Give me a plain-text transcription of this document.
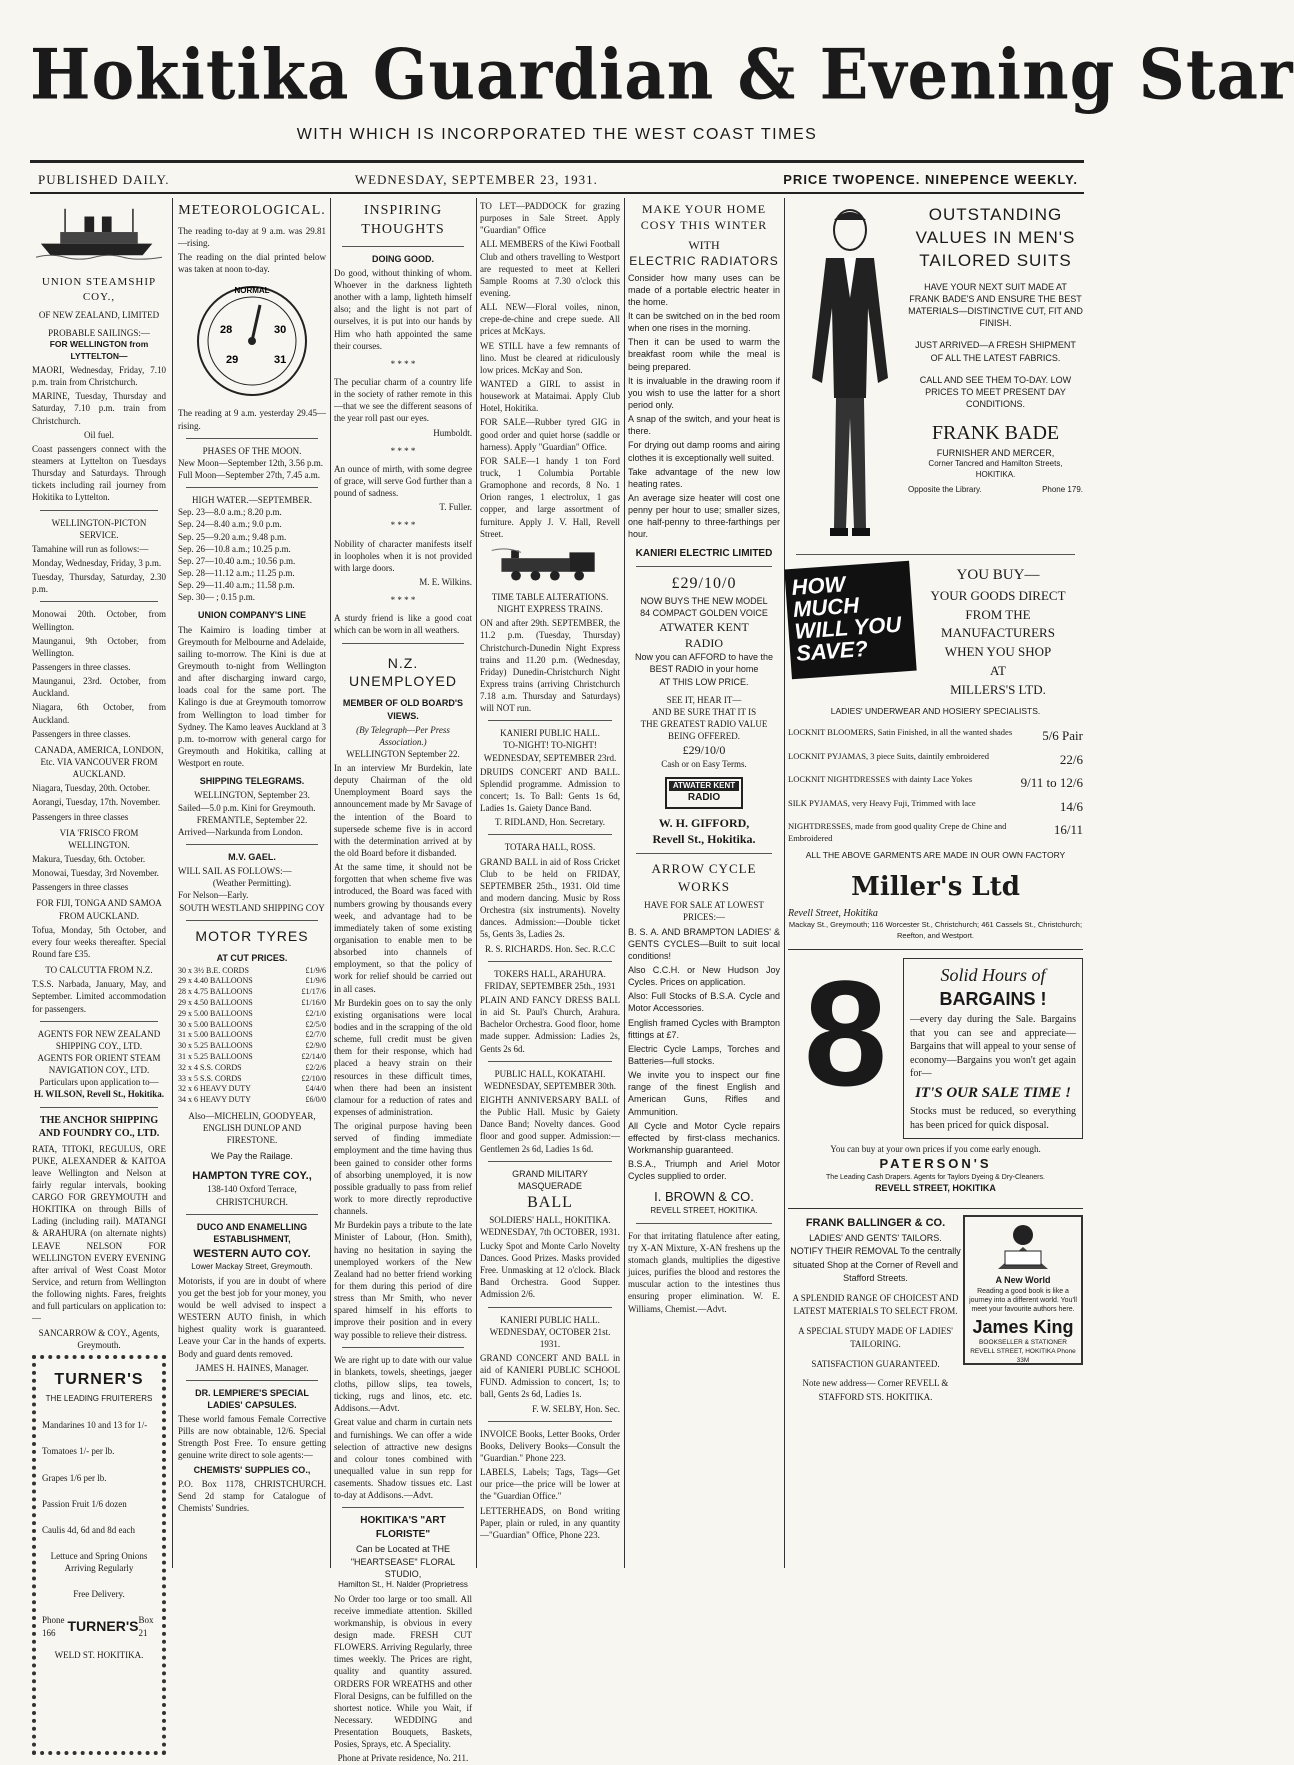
Hokitika Guardian & Evening Star
WITH WHICH IS INCORPORATED THE WEST COAST TIMES
PUBLISHED DAILY.	WEDNESDAY, SEPTEMBER 23, 1931.	PRICE TWOPENCE. NINEPENCE WEEKLY.
UNION STEAMSHIP COY.,
OF NEW ZEALAND, LIMITED
PROBABLE SAILINGS:—
FOR WELLINGTON from LYTTELTON—

MAORI, Wednesday, Friday, 7.10 p.m. train from Christchurch.

MARINE, Tuesday, Thursday and Saturday, 7.10 p.m. train from Christchurch.

Oil fuel.

Coast passengers connect with the steamers at Lyttelton on Tuesdays Thursday and Saturdays. Through tickets including rail journey from Hokitika to Lyttelton.

WELLINGTON-PICTON SERVICE.

Tamahine will run as follows:—

Monday, Wednesday, Friday, 3 p.m.

Tuesday, Thursday, Saturday, 2.30 p.m.

Monowai 20th. October, from Wellington.

Maunganui, 9th October, from Wellington.

Passengers in three classes.

Maunganui, 23rd. October, from Auckland.

Niagara, 6th October, from Auckland.

Passengers in three classes.

CANADA, AMERICA, LONDON, Etc. VIA VANCOUVER FROM AUCKLAND.

Niagara, Tuesday, 20th. October.

Aorangi, Tuesday, 17th. November.

Passengers in three classes

VIA 'FRISCO FROM WELLINGTON.

Makura, Tuesday, 6th. October.

Monowai, Tuesday, 3rd November.

Passengers in three classes

FOR FIJI, TONGA AND SAMOA FROM AUCKLAND.

Tofua, Monday, 5th October, and every four weeks thereafter. Special Round fare £35.

TO CALCUTTA FROM N.Z.

T.S.S. Narbada, January, May, and September. Limited accommodation for passengers.

AGENTS FOR NEW ZEALAND SHIPPING COY., LTD.
AGENTS FOR ORIENT STEAM NAVIGATION COY., LTD.
Particulars upon application to—
H. WILSON, Revell St., Hokitika.
THE ANCHOR SHIPPING AND FOUNDRY CO., LTD.

RATA, TITOKI, REGULUS, ORE PUKE, ALEXANDER & KAITOA leave Wellington and Nelson at fairly regular intervals, booking CARGO FOR GREYMOUTH and HOKITIKA on through Bills of Lading (including rail). MATANGI & ARAHURA (on alternate nights) LEAVE NELSON FOR WELLINGTON EVERY EVENING after arrival of West Coast Motor Service, and return from Wellington the following nights. Fares, freights and full particulars on application to:—

SANCARROW & COY., Agents, Greymouth.
TURNER'S
THE LEADING FRUITERERS

Mandarines 10 and 13 for 1/-

Tomatoes 1/- per lb.

Grapes 1/6 per lb.

Passion Fruit 1/6 dozen

Caulis 4d, 6d and 8d each

Lettuce and Spring Onions Arriving Regularly

Free Delivery.

Phone 166 TURNER'S Box 21
WELD ST. HOKITIKA.
METEOROLOGICAL.

The reading to-day at 9 a.m. was 29.81—rising.

The reading on the dial printed below was taken at noon to-day.

NORMAL
28
29
30
31

The reading at 9 a.m. yesterday 29.45—rising.

PHASES OF THE MOON.
New Moon—September 12th, 3.56 p.m.
Full Moon—September 27th, 7.45 a.m.
HIGH WATER.—SEPTEMBER.
Sep. 23—8.0 a.m.; 8.20 p.m.
Sep. 24—8.40 a.m.; 9.0 p.m.
Sep. 25—9.20 a.m.; 9.48 p.m.
Sep. 26—10.8 a.m.; 10.25 p.m.
Sep. 27—10.40 a.m.; 10.56 p.m.
Sep. 28—11.12 a.m.; 11.25 p.m.
Sep. 29—11.40 a.m.; 11.58 p.m.
Sep. 30— ; 0.15 p.m.
UNION COMPANY'S LINE

The Kaimiro is loading timber at Greymouth for Melbourne and Adelaide, sailing to-morrow. The Kini is due at Greymouth to-night from Wellington and after discharging inward cargo, loads coal for the same port. The Kalingo is due at Greymouth tomorrow from Wellington to load timber for Sydney. The Kamo leaves Auckland at 3 p.m. to-morrow with general cargo for Greymouth and Hokitika, calling at Westport en route.

SHIPPING TELEGRAMS.
WELLINGTON, September 23.
Sailed—5.0 p.m. Kini for Greymouth.
FREMANTLE, September 22.
Arrived—Narkunda from London.
M.V. GAEL.
WILL SAIL AS FOLLOWS:—
(Weather Permitting).
For Nelson—Early.
SOUTH WESTLAND SHIPPING COY
MOTOR TYRES
AT CUT PRICES.
30 x 3½ B.E. CORDS	£1/9/6
29 x 4.40 BALLOONS	£1/9/6
28 x 4.75 BALLOONS	£1/17/6
29 x 4.50 BALLOONS	£1/16/0
29 x 5.00 BALLOONS	£2/1/0
30 x 5.00 BALLOONS	£2/5/0
31 x 5.00 BALLOONS	£2/7/0
30 x 5.25 BALLOONS	£2/9/0
31 x 5.25 BALLOONS	£2/14/0
32 x 4 S.S. CORDS	£2/2/6
33 x 5 S.S. CORDS	£2/10/0
32 x 6 HEAVY DUTY	£4/4/0
34 x 6 HEAVY DUTY	£6/0/0
Also—MICHELIN, GOODYEAR, ENGLISH DUNLOP AND FIRESTONE.
We Pay the Railage.
HAMPTON TYRE COY.,
138-140 Oxford Terrace, CHRISTCHURCH.
DUCO AND ENAMELLING ESTABLISHMENT,
WESTERN AUTO COY.
Lower Mackay Street, Greymouth.

Motorists, if you are in doubt of where you get the best job for your money, you would be well advised to inspect a WESTERN AUTO finish, in which highest quality work is guaranteed. Leave your Car in the hands of experts. Body and guard dents removed.

JAMES H. HAINES, Manager.
DR. LEMPIERE'S SPECIAL LADIES' CAPSULES.

These world famous Female Corrective Pills are now obtainable, 12/6. Special Strength Post Free. To ensure getting genuine write direct to sole agents:—

CHEMISTS' SUPPLIES CO.,

P.O. Box 1178, CHRISTCHURCH. Send 2d stamp for Catalogue of Chemists' Sundries.

INSPIRING THOUGHTS
DOING GOOD.

Do good, without thinking of whom. Whoever in the darkness lighteth another with a lamp, lighteth himself also; and the light is not part of ourselves, it is put into our hands by Him who hath appointed the same their courses.

* * * *

The peculiar charm of a country life in the society of rather remote in this—that we see the different seasons of the year roll past our eyes.

Humboldt.
* * * *

An ounce of mirth, with some degree of grace, will serve God further than a pound of sadness.

T. Fuller.
* * * *

Nobility of character manifests itself in loopholes when it is not provided with large doors.

M. E. Wilkins.
* * * *

A sturdy friend is like a good coat which can be worn in all weathers.

N.Z. UNEMPLOYED
MEMBER OF OLD BOARD'S VIEWS.
(By Telegraph—Per Press Association.)
WELLINGTON September 22.

In an interview Mr Burdekin, late deputy Chairman of the old Unemployment Board says the announcement made by Mr Savage of the intention of the Board to supersede scheme five is in accord with the determination arrived at by the old Board before it disbanded.

At the same time, it should not be forgotten that when scheme five was introduced, the Board was faced with numbers growing by thousands every week, and advantage had to be immediately taken of some existing organisation to enable men to be absorbed into channels of employment, so that the policy of work for relief should be carried out in all cases.

Mr Burdekin goes on to say the only existing organisations were local bodies and in the scrapping of the old scheme, full credit must be given them for their response, which had placed a heavy strain on their resources in these difficult times, when there had been an insistent clamour for a reduction of rates and expenses of administration.

The original purpose having been served of finding immediate employment and the time having thus been gained to consider other forms of absorbing unemployed, it is now possible gradually to pass from relief work to more directly reproductive channels.

Mr Burdekin pays a tribute to the late Minister of Labour, (Hon. Smith), having no hesitation in saying the unemployed workers of the New Zealand had no better friend working for them during this period of dire stress than Mr Smith, who never spared himself in his efforts to improve their position and in every way possible to relieve their distress.

We are right up to date with our value in blankets, towels, sheetings, jaeger cloths, pillow slips, tea towels, ticking, rugs and linos, etc. etc. Addisons.—Advt.

Great value and charm in curtain nets and furnishings. We can offer a wide selection of attractive new designs and colour tones combined with unequalled value in sun repp for casements. Shadow tissues etc. Last to-day at Addisons.—Advt.

HOKITIKA'S "ART FLORISTE"
Can be Located at THE "HEARTSEASE" FLORAL STUDIO,
Hamilton St., H. Nalder (Proprietress

No Order too large or too small. All receive immediate attention. Skilled workmanship, is obvious in every design made. FRESH CUT FLOWERS. Arriving Regularly, three times weekly. The Prices are right, quality and quantity assured. ORDERS FOR WREATHS and other Floral Designs, can be fulfilled on the shortest notice. While you Wait, if Necessary. WEDDING and Presentation Bouquets, Baskets, Posies, Sprays, etc. A Speciality.

Phone at Private residence, No. 211.

TO LET—PADDOCK for grazing purposes in Sale Street. Apply "Guardian" Office

ALL MEMBERS of the Kiwi Football Club and others travelling to Westport are requested to meet at Kelleri Sample Rooms at 7.30 o'clock this evening.

ALL NEW—Floral voiles, ninon, crepe-de-chine and crepe suede. All prices at McKays.

WE STILL have a few remnants of lino. Must be cleared at ridiculously low prices. McKay and Son.

WANTED a GIRL to assist in housework at Mataimai. Apply Club Hotel, Hokitika.

FOR SALE—Rubber tyred GIG in good order and quiet horse (saddle or harness). Apply "Guardian" Office.

FOR SALE—1 handy 1 ton Ford truck, 1 Columbia Portable Gramophone and records, 8 No. 1 Orion ranges, 1 electrolux, 1 gas copper, and large assortment of furniture. Apply J. V. Hall, Revell Street.

TIME TABLE ALTERATIONS.
NIGHT EXPRESS TRAINS.

ON and after 29th. SEPTEMBER, the 11.2 p.m. (Tuesday, Thursday) Christchurch-Dunedin Night Express trains and 11.20 p.m. (Wednesday, Friday) Dunedin-Christchurch Night Express trains (arriving Christchurch 7.18 a.m. Thursday and Saturdays) will NOT run.

KANIERI PUBLIC HALL.
TO-NIGHT! TO-NIGHT!
WEDNESDAY, SEPTEMBER 23rd.

DRUIDS CONCERT AND BALL. Splendid programme. Admission to concert; 1s. To Ball: Gents 1s 6d, Ladies 1s. Gaiety Dance Band.

T. RIDLAND, Hon. Secretary.
TOTARA HALL, ROSS.

GRAND BALL in aid of Ross Cricket Club to be held on FRIDAY, SEPTEMBER 25th., 1931. Old time and modern dancing. Music by Ross Orchestra (six instruments). Novelty dances. Admission:—Double ticket 5s, Gents 3s, Ladies 2s.

R. S. RICHARDS. Hon. Sec. R.C.C
TOKERS HALL, ARAHURA.
FRIDAY, SEPTEMBER 25th., 1931

PLAIN AND FANCY DRESS BALL in aid St. Paul's Church, Arahura. Bachelor Orchestra. Good floor, home made supper. Admission: Ladies 2s, Gents 2s 6d.

PUBLIC HALL, KOKATAHI.
WEDNESDAY, SEPTEMBER 30th.

EIGHTH ANNIVERSARY BALL of the Public Hall. Music by Gaiety Dance Band; Novelty dances. Good floor and good supper. Admission:—Gentlemen 2s 6d, Ladies 1s 6d.

GRAND MILITARY MASQUERADE
BALL
SOLDIERS' HALL, HOKITIKA.
WEDNESDAY, 7th OCTOBER, 1931.

Lucky Spot and Monte Carlo Novelty Dances. Good Prizes. Masks provided Free. Unmasking at 12 o'clock. Black Band Orchestra. Good Supper. Admission 2/6.

KANIERI PUBLIC HALL.
WEDNESDAY, OCTOBER 21st. 1931.

GRAND CONCERT AND BALL in aid of KANIERI PUBLIC SCHOOL FUND. Admission to concert, 1s; to ball, Gents 2s 6d, Ladies 1s.

F. W. SELBY, Hon. Sec.

INVOICE Books, Letter Books, Order Books, Delivery Books—Consult the "Guardian." Phone 223.

LABELS, Labels; Tags, Tags—Get our price—the price will be lower at the "Guardian Office."

LETTERHEADS, on Bond writing Paper, plain or ruled, in any quantity—"Guardian" Office, Phone 223.

MAKE YOUR HOME COSY THIS WINTER
WITH
ELECTRIC RADIATORS

Consider how many uses can be made of a portable electric heater in the home.

It can be switched on in the bed room when one rises in the morning.

Then it can be used to warm the breakfast room while the meal is being prepared.

It is invaluable in the drawing room if you wish to use the latter for a short period only.

A snap of the switch, and your heat is there.

For drying out damp rooms and airing clothes it is exceptionally well suited.

Take advantage of the new low heating rates.

An average size heater will cost one penny per hour to use; smaller sizes, one half-penny to three-farthings per hour.

KANIERI ELECTRIC LIMITED
£29/10/0
NOW BUYS THE NEW MODEL
84 COMPACT GOLDEN VOICE
ATWATER KENT
RADIO
Now you can AFFORD to have the BEST RADIO in your home
AT THIS LOW PRICE.
SEE IT, HEAR IT—
AND BE SURE THAT IT IS
THE GREATEST RADIO VALUE
BEING OFFERED.
£29/10/0
Cash or on Easy Terms.
ATWATER KENT
RADIO
W. H. GIFFORD,
Revell St., Hokitika.
ARROW CYCLE WORKS
HAVE FOR SALE AT LOWEST PRICES:—

B. S. A. AND BRAMPTON LADIES' & GENTS CYCLES—Built to suit local conditions!

Also C.C.H. or New Hudson Joy Cycles. Prices on application.

Also: Full Stocks of B.S.A. Cycle and Motor Accessories.

English framed Cycles with Brampton fittings at £7.

Electric Cycle Lamps, Torches and Batteries—full stocks.

We invite you to inspect our fine range of the finest English and American Guns, Rifles and Ammunition.

All Cycle and Motor Cycle repairs effected by first-class mechanics. Workmanship guaranteed.

B.S.A., Triumph and Ariel Motor Cycles supplied to order.

I. BROWN & CO.
REVELL STREET, HOKITIKA.

For that irritating flatulence after eating, try X-AN Mixture, X-AN freshens up the stomach glands, multiplies the digestive juices, purifies the blood and restores the muscular action to the intestines thus ensuring proper elimination. W. E. Williams, Chemist.—Advt.

OUTSTANDING VALUES IN MEN'S TAILORED SUITS

HAVE YOUR NEXT SUIT MADE AT FRANK BADE'S AND ENSURE THE BEST MATERIALS—DISTINCTIVE CUT, FIT AND FINISH.

JUST ARRIVED—A FRESH SHIPMENT OF ALL THE LATEST FABRICS.

CALL AND SEE THEM TO-DAY. LOW PRICES TO MEET PRESENT DAY CONDITIONS.

FRANK BADE
FURNISHER AND MERCER,
Corner Tancred and Hamilton Streets, HOKITIKA.
Opposite the Library.	Phone 179.
HOW MUCH WILL YOU SAVE?
YOU BUY—
YOUR GOODS DIRECT
FROM THE
MANUFACTURERS
WHEN YOU SHOP
AT
MILLERS'S LTD.
LADIES' UNDERWEAR AND HOSIERY SPECIALISTS.
LOCKNIT BLOOMERS, Satin Finished, in all the wanted shades 5/6 Pair
LOCKNIT PYJAMAS, 3 piece Suits, daintily embroidered	22/6
LOCKNIT NIGHTDRESSES with dainty Lace Yokes	9/11 to 12/6
SILK PYJAMAS, very Heavy Fuji, Trimmed with lace	14/6
NIGHTDRESSES, made from good quality Crepe de Chine and Embroidered
16/11
ALL THE ABOVE GARMENTS ARE MADE IN OUR OWN FACTORY
Miller's Ltd
Revell Street, Hokitika
Mackay St., Greymouth; 116 Worcester St., Christchurch; 461 Cassels St., Christchurch; Reefton, and Westport.
8	Solid Hours of
BARGAINS !

—every day during the Sale. Bargains that you can see and appreciate—Bargains that will appeal to your sense of economy—Bargains you won't get again for—

IT'S OUR SALE TIME !

Stocks must be reduced, so everything has been priced for quick disposal.

You can buy at your own prices if you come early enough.
PATERSON'S
The Leading Cash Drapers. Agents for Taylors Dyeing & Dry-Cleaners.
REVELL STREET, HOKITIKA
FRANK BALLINGER & CO.
LADIES' AND GENTS' TAILORS.
NOTIFY THEIR REMOVAL To the centrally situated Shop at the Corner of Revell and Stafford Streets.
A SPLENDID RANGE OF CHOICEST AND LATEST MATERIALS TO SELECT FROM.
A SPECIAL STUDY MADE OF LADIES' TAILORING.
SATISFACTION GUARANTEED.
Note new address— Corner REVELL & STAFFORD STS. HOKITIKA.
A New World
Reading a good book is like a journey into a different world. You'll meet your favourite authors here.
James King
BOOKSELLER & STATIONER REVELL STREET, HOKITIKA Phone 33M
